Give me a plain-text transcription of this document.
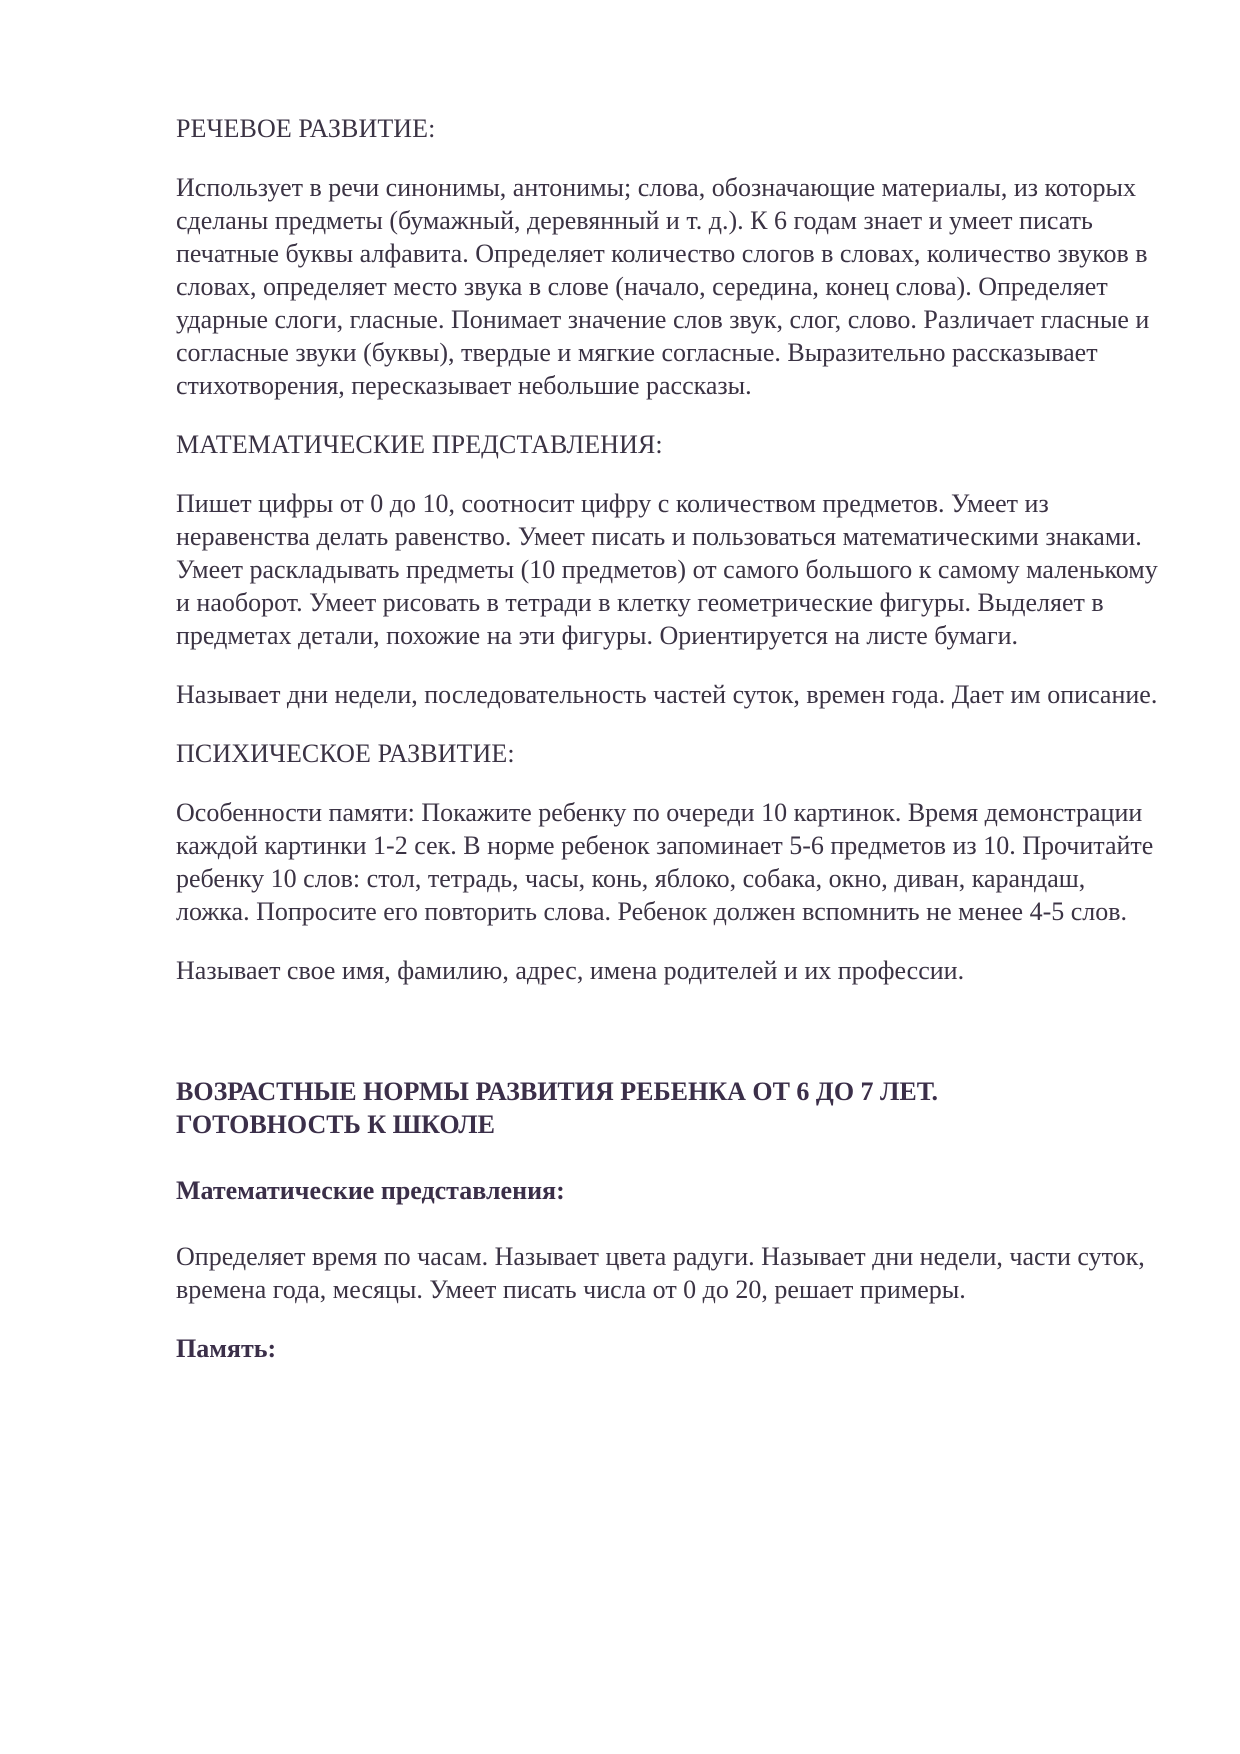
РЕЧЕВОЕ РАЗВИТИЕ:

Использует в речи синонимы, антонимы; слова, обозначающие материалы, из которых сделаны предметы (бумажный, деревянный и т. д.). К 6 годам знает и умеет писать печатные буквы алфавита. Определяет количество слогов в словах, количество звуков в словах, определяет место звука в слове (начало, середина, конец слова). Определяет ударные слоги, гласные. Понимает значение слов звук, слог, слово. Различает гласные и согласные звуки (буквы), твердые и мягкие согласные. Выразительно рассказывает стихотворения, пересказывает небольшие рассказы.

МАТЕМАТИЧЕСКИЕ ПРЕДСТАВЛЕНИЯ:

Пишет цифры от 0 до 10, соотносит цифру с количеством предметов. Умеет из неравенства делать равенство. Умеет писать и пользоваться математическими знаками. Умеет раскладывать предметы (10 предметов) от самого большого к самому маленькому и наоборот. Умеет рисовать в тетради в клетку геометрические фигуры. Выделяет в предметах детали, похожие на эти фигуры. Ориентируется на листе бумаги.

Называет дни недели, последовательность частей суток, времен года. Дает им описание.

ПСИХИЧЕСКОЕ РАЗВИТИЕ:

Особенности памяти: Покажите ребенку по очереди 10 картинок. Время демонстрации каждой картинки 1-2 сек. В норме ребенок запоминает 5-6 предметов из 10. Прочитайте ребенку 10 слов: стол, тетрадь, часы, конь, яблоко, собака, окно, диван, карандаш, ложка. Попросите его повторить слова. Ребенок должен вспомнить не менее 4-5 слов.

Называет свое имя, фамилию, адрес, имена родителей и их профессии.

ВОЗРАСТНЫЕ НОРМЫ РАЗВИТИЯ РЕБЕНКА ОТ 6 ДО 7 ЛЕТ.
ГОТОВНОСТЬ К ШКОЛЕ

Математические представления:

Определяет время по часам. Называет цвета радуги. Называет дни недели, части суток, времена года, месяцы. Умеет писать числа от 0 до 20, решает примеры.

Память:
